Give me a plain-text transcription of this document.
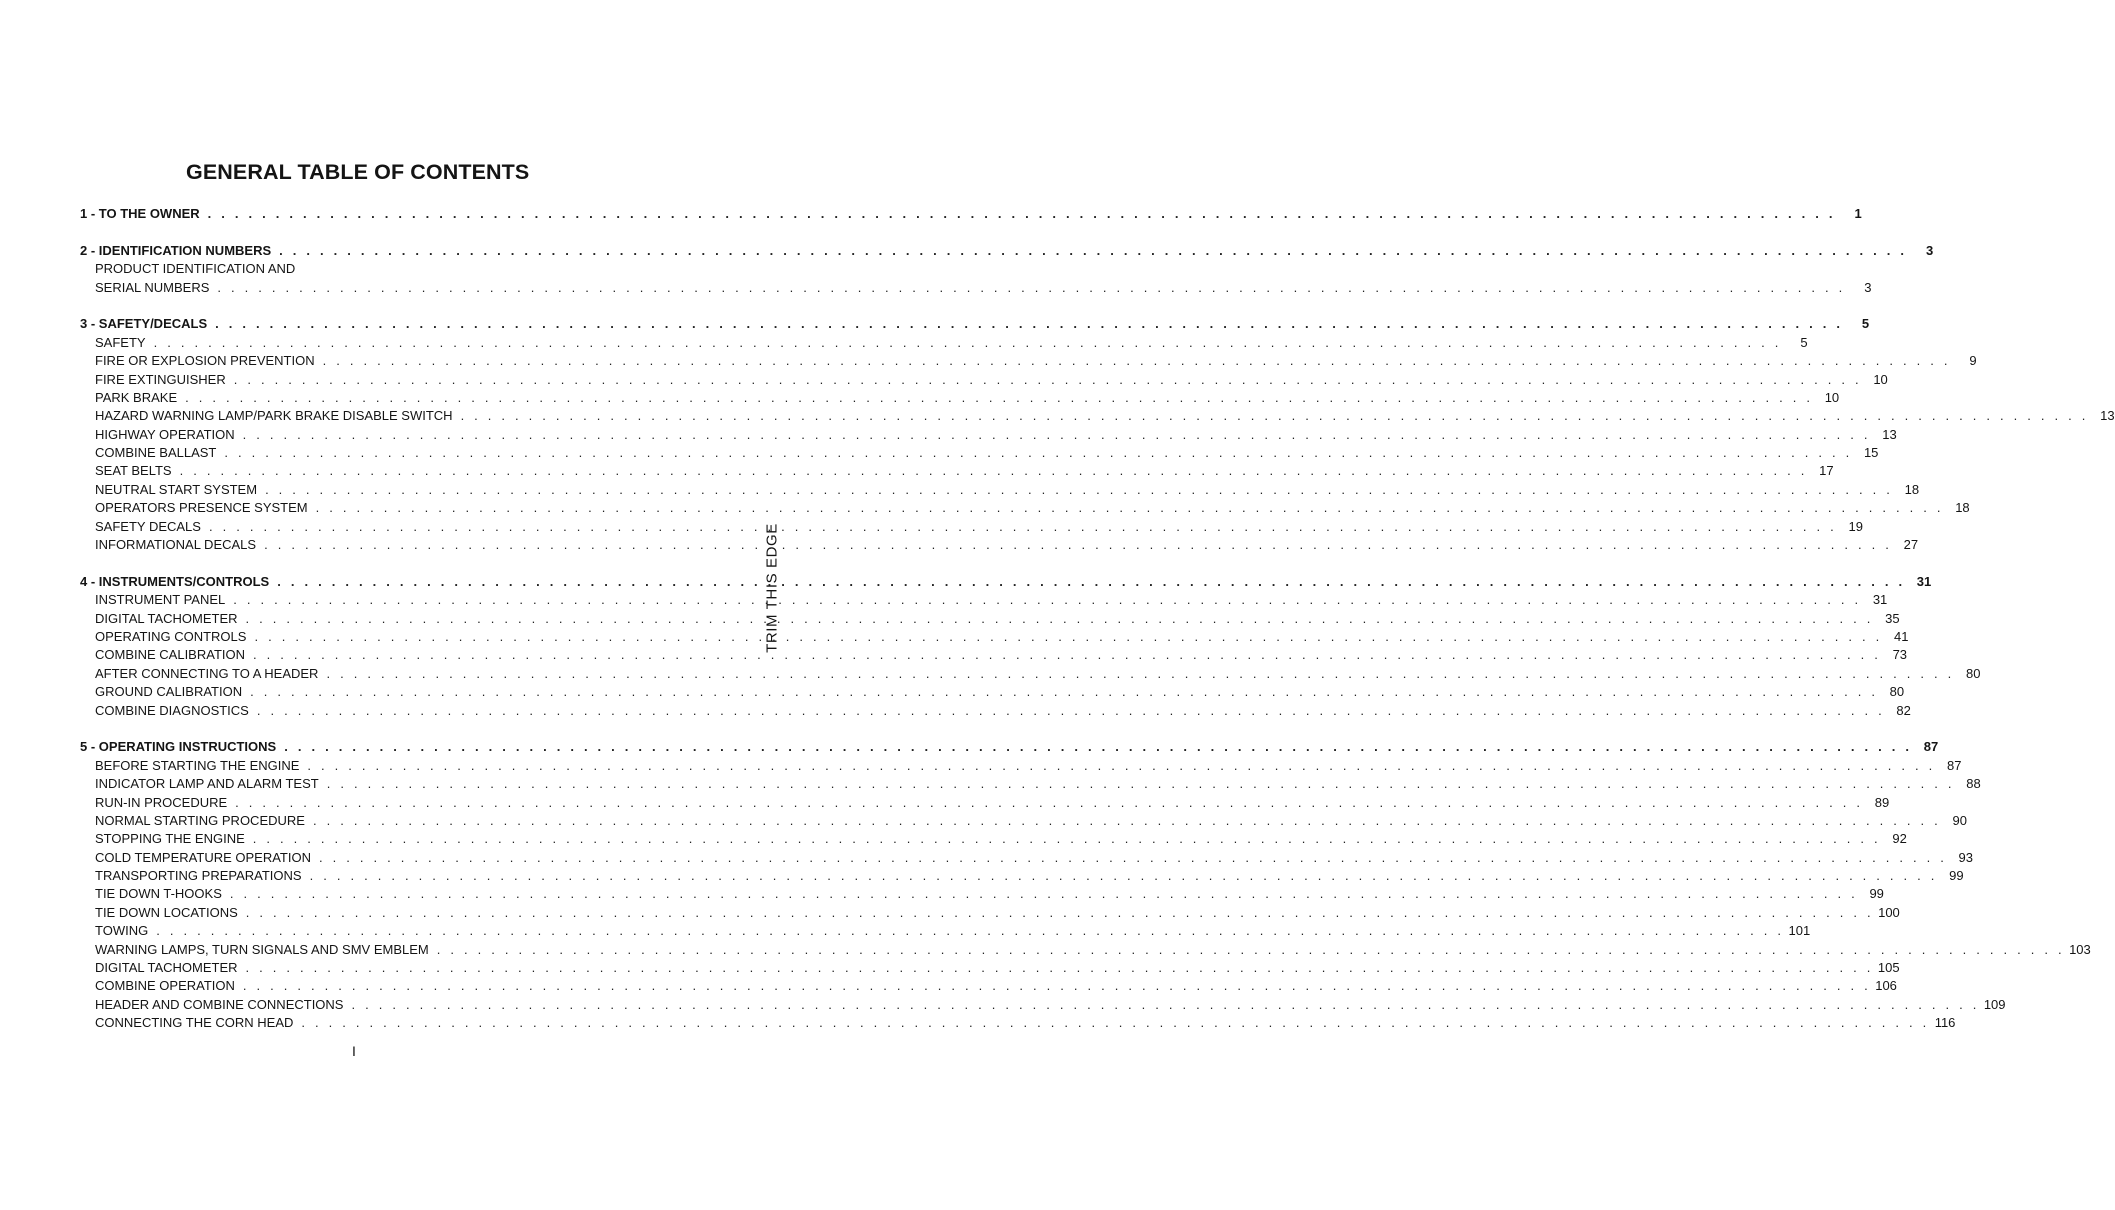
GENERAL TABLE OF CONTENTS
1 - TO THE OWNER . . . . . . . . . . . . . . . . . . . . . . . . . . . . . . . . . . . . . . . . . . . . . . . . . . . . . . . . . . . . . . . . . . . . . . . . . . . . . . . . . . . . . . . . . . . . . . . . . . . . . . . . . . . . . . . . . . . . . . . .	1
2 - IDENTIFICATION NUMBERS . . . . . . . . . . . . . . . . . . . . . . . . . . . . . . . . . . . . . . . . . . . . . . . . . . . . . . . . . . . . . . . . . . . . . . . . . . . . . . . . . . . . . . . . . . . . . . . . . . . . . . . . . . . . . . . . . . . . . . . .	3
PRODUCT IDENTIFICATION AND
SERIAL NUMBERS . . . . . . . . . . . . . . . . . . . . . . . . . . . . . . . . . . . . . . . . . . . . . . . . . . . . . . . . . . . . . . . . . . . . . . . . . . . . . . . . . . . . . . . . . . . . . . . . . . . . . . . . . . . . . . . . . . . . . . . .	3
3 - SAFETY/DECALS . . . . . . . . . . . . . . . . . . . . . . . . . . . . . . . . . . . . . . . . . . . . . . . . . . . . . . . . . . . . . . . . . . . . . . . . . . . . . . . . . . . . . . . . . . . . . . . . . . . . . . . . . . . . . . . . . . . . . . . .	5
SAFETY . . . . . . . . . . . . . . . . . . . . . . . . . . . . . . . . . . . . . . . . . . . . . . . . . . . . . . . . . . . . . . . . . . . . . . . . . . . . . . . . . . . . . . . . . . . . . . . . . . . . . . . . . . . . . . . . . . . . . . . .	5
FIRE OR EXPLOSION PREVENTION . . . . . . . . . . . . . . . . . . . . . . . . . . . . . . . . . . . . . . . . . . . . . . . . . . . . . . . . . . . . . . . . . . . . . . . . . . . . . . . . . . . . . . . . . . . . . . . . . . . . . . . . . . . . . . . . . . . . . . . .	9
FIRE EXTINGUISHER . . . . . . . . . . . . . . . . . . . . . . . . . . . . . . . . . . . . . . . . . . . . . . . . . . . . . . . . . . . . . . . . . . . . . . . . . . . . . . . . . . . . . . . . . . . . . . . . . . . . . . . . . . . . . . . . . . . . . . . . 10
PARK BRAKE . . . . . . . . . . . . . . . . . . . . . . . . . . . . . . . . . . . . . . . . . . . . . . . . . . . . . . . . . . . . . . . . . . . . . . . . . . . . . . . . . . . . . . . . . . . . . . . . . . . . . . . . . . . . . . . . . . . . . . . . 10
HAZARD WARNING LAMP/PARK BRAKE DISABLE SWITCH . . . . . . . . . . . . . . . . . . . . . . . . . . . . . . . . . . . . . . . . . . . . . . . . . . . . . . . . . . . . . . . . . . . . . . . . . . . . . . . . . . . . . . . . . . . . . . . . . . . . . . . . . . . . . . . . . . . . . . . . 13
HIGHWAY OPERATION . . . . . . . . . . . . . . . . . . . . . . . . . . . . . . . . . . . . . . . . . . . . . . . . . . . . . . . . . . . . . . . . . . . . . . . . . . . . . . . . . . . . . . . . . . . . . . . . . . . . . . . . . . . . . . . . . . . . . . . . 13
COMBINE BALLAST . . . . . . . . . . . . . . . . . . . . . . . . . . . . . . . . . . . . . . . . . . . . . . . . . . . . . . . . . . . . . . . . . . . . . . . . . . . . . . . . . . . . . . . . . . . . . . . . . . . . . . . . . . . . . . . . . . . . . . . . 15
SEAT BELTS . . . . . . . . . . . . . . . . . . . . . . . . . . . . . . . . . . . . . . . . . . . . . . . . . . . . . . . . . . . . . . . . . . . . . . . . . . . . . . . . . . . . . . . . . . . . . . . . . . . . . . . . . . . . . . . . . . . . . . . . 17
NEUTRAL START SYSTEM . . . . . . . . . . . . . . . . . . . . . . . . . . . . . . . . . . . . . . . . . . . . . . . . . . . . . . . . . . . . . . . . . . . . . . . . . . . . . . . . . . . . . . . . . . . . . . . . . . . . . . . . . . . . . . . . . . . . . . . . 18
OPERATORS PRESENCE SYSTEM . . . . . . . . . . . . . . . . . . . . . . . . . . . . . . . . . . . . . . . . . . . . . . . . . . . . . . . . . . . . . . . . . . . . . . . . . . . . . . . . . . . . . . . . . . . . . . . . . . . . . . . . . . . . . . . . . . . . . . . . 18
SAFETY DECALS . . . . . . . . . . . . . . . . . . . . . . . . . . . . . . . . . . . . . . . . . . . . . . . . . . . . . . . . . . . . . . . . . . . . . . . . . . . . . . . . . . . . . . . . . . . . . . . . . . . . . . . . . . . . . . . . . . . . . . . . 19
INFORMATIONAL DECALS . . . . . . . . . . . . . . . . . . . . . . . . . . . . . . . . . . . . . . . . . . . . . . . . . . . . . . . . . . . . . . . . . . . . . . . . . . . . . . . . . . . . . . . . . . . . . . . . . . . . . . . . . . . . . . . . . . . . . . . . 27
4 - INSTRUMENTS/CONTROLS . . . . . . . . . . . . . . . . . . . . . . . . . . . . . . . . . . . . . . . . . . . . . . . . . . . . . . . . . . . . . . . . . . . . . . . . . . . . . . . . . . . . . . . . . . . . . . . . . . . . . . . . . . . . . . . . . . . . . . . . 31
INSTRUMENT PANEL . . . . . . . . . . . . . . . . . . . . . . . . . . . . . . . . . . . . . . . . . . . . . . . . . . . . . . . . . . . . . . . . . . . . . . . . . . . . . . . . . . . . . . . . . . . . . . . . . . . . . . . . . . . . . . . . . . . . . . . . 31
DIGITAL TACHOMETER . . . . . . . . . . . . . . . . . . . . . . . . . . . . . . . . . . . . . . . . . . . . . . . . . . . . . . . . . . . . . . . . . . . . . . . . . . . . . . . . . . . . . . . . . . . . . . . . . . . . . . . . . . . . . . . . . . . . . . . . 35
OPERATING CONTROLS . . . . . . . . . . . . . . . . . . . . . . . . . . . . . . . . . . . . . . . . . . . . . . . . . . . . . . . . . . . . . . . . . . . . . . . . . . . . . . . . . . . . . . . . . . . . . . . . . . . . . . . . . . . . . . . . . . . . . . . . 41
COMBINE CALIBRATION . . . . . . . . . . . . . . . . . . . . . . . . . . . . . . . . . . . . . . . . . . . . . . . . . . . . . . . . . . . . . . . . . . . . . . . . . . . . . . . . . . . . . . . . . . . . . . . . . . . . . . . . . . . . . . . . . . . . . . . . 73
AFTER CONNECTING TO A HEADER . . . . . . . . . . . . . . . . . . . . . . . . . . . . . . . . . . . . . . . . . . . . . . . . . . . . . . . . . . . . . . . . . . . . . . . . . . . . . . . . . . . . . . . . . . . . . . . . . . . . . . . . . . . . . . . . . . . . . . . . 80
GROUND CALIBRATION . . . . . . . . . . . . . . . . . . . . . . . . . . . . . . . . . . . . . . . . . . . . . . . . . . . . . . . . . . . . . . . . . . . . . . . . . . . . . . . . . . . . . . . . . . . . . . . . . . . . . . . . . . . . . . . . . . . . . . . . 80
COMBINE DIAGNOSTICS . . . . . . . . . . . . . . . . . . . . . . . . . . . . . . . . . . . . . . . . . . . . . . . . . . . . . . . . . . . . . . . . . . . . . . . . . . . . . . . . . . . . . . . . . . . . . . . . . . . . . . . . . . . . . . . . . . . . . . . . 82
5 - OPERATING INSTRUCTIONS . . . . . . . . . . . . . . . . . . . . . . . . . . . . . . . . . . . . . . . . . . . . . . . . . . . . . . . . . . . . . . . . . . . . . . . . . . . . . . . . . . . . . . . . . . . . . . . . . . . . . . . . . . . . . . . . . . . . . . . . 87
BEFORE STARTING THE ENGINE . . . . . . . . . . . . . . . . . . . . . . . . . . . . . . . . . . . . . . . . . . . . . . . . . . . . . . . . . . . . . . . . . . . . . . . . . . . . . . . . . . . . . . . . . . . . . . . . . . . . . . . . . . . . . . . . . . . . . . . . 87
INDICATOR LAMP AND ALARM TEST . . . . . . . . . . . . . . . . . . . . . . . . . . . . . . . . . . . . . . . . . . . . . . . . . . . . . . . . . . . . . . . . . . . . . . . . . . . . . . . . . . . . . . . . . . . . . . . . . . . . . . . . . . . . . . . . . . . . . . . . 88
RUN-IN PROCEDURE . . . . . . . . . . . . . . . . . . . . . . . . . . . . . . . . . . . . . . . . . . . . . . . . . . . . . . . . . . . . . . . . . . . . . . . . . . . . . . . . . . . . . . . . . . . . . . . . . . . . . . . . . . . . . . . . . . . . . . . . 89
NORMAL STARTING PROCEDURE . . . . . . . . . . . . . . . . . . . . . . . . . . . . . . . . . . . . . . . . . . . . . . . . . . . . . . . . . . . . . . . . . . . . . . . . . . . . . . . . . . . . . . . . . . . . . . . . . . . . . . . . . . . . . . . . . . . . . . . . 90
STOPPING THE ENGINE . . . . . . . . . . . . . . . . . . . . . . . . . . . . . . . . . . . . . . . . . . . . . . . . . . . . . . . . . . . . . . . . . . . . . . . . . . . . . . . . . . . . . . . . . . . . . . . . . . . . . . . . . . . . . . . . . . . . . . . . 92
COLD TEMPERATURE OPERATION . . . . . . . . . . . . . . . . . . . . . . . . . . . . . . . . . . . . . . . . . . . . . . . . . . . . . . . . . . . . . . . . . . . . . . . . . . . . . . . . . . . . . . . . . . . . . . . . . . . . . . . . . . . . . . . . . . . . . . . . 93
TRANSPORTING PREPARATIONS . . . . . . . . . . . . . . . . . . . . . . . . . . . . . . . . . . . . . . . . . . . . . . . . . . . . . . . . . . . . . . . . . . . . . . . . . . . . . . . . . . . . . . . . . . . . . . . . . . . . . . . . . . . . . . . . . . . . . . . . 99
TIE DOWN T-HOOKS . . . . . . . . . . . . . . . . . . . . . . . . . . . . . . . . . . . . . . . . . . . . . . . . . . . . . . . . . . . . . . . . . . . . . . . . . . . . . . . . . . . . . . . . . . . . . . . . . . . . . . . . . . . . . . . . . . . . . . . . 99
TIE DOWN LOCATIONS . . . . . . . . . . . . . . . . . . . . . . . . . . . . . . . . . . . . . . . . . . . . . . . . . . . . . . . . . . . . . . . . . . . . . . . . . . . . . . . . . . . . . . . . . . . . . . . . . . . . . . . . . . . . . . . . . . . . . . . . 100
TOWING . . . . . . . . . . . . . . . . . . . . . . . . . . . . . . . . . . . . . . . . . . . . . . . . . . . . . . . . . . . . . . . . . . . . . . . . . . . . . . . . . . . . . . . . . . . . . . . . . . . . . . . . . . . . . . . . . . . . . . . . 101
WARNING LAMPS, TURN SIGNALS AND SMV EMBLEM . . . . . . . . . . . . . . . . . . . . . . . . . . . . . . . . . . . . . . . . . . . . . . . . . . . . . . . . . . . . . . . . . . . . . . . . . . . . . . . . . . . . . . . . . . . . . . . . . . . . . . . . . . . . . . . . . . . . . . . . 103
DIGITAL TACHOMETER . . . . . . . . . . . . . . . . . . . . . . . . . . . . . . . . . . . . . . . . . . . . . . . . . . . . . . . . . . . . . . . . . . . . . . . . . . . . . . . . . . . . . . . . . . . . . . . . . . . . . . . . . . . . . . . . . . . . . . . . 105
COMBINE OPERATION . . . . . . . . . . . . . . . . . . . . . . . . . . . . . . . . . . . . . . . . . . . . . . . . . . . . . . . . . . . . . . . . . . . . . . . . . . . . . . . . . . . . . . . . . . . . . . . . . . . . . . . . . . . . . . . . . . . . . . . . 106
HEADER AND COMBINE CONNECTIONS . . . . . . . . . . . . . . . . . . . . . . . . . . . . . . . . . . . . . . . . . . . . . . . . . . . . . . . . . . . . . . . . . . . . . . . . . . . . . . . . . . . . . . . . . . . . . . . . . . . . . . . . . . . . . . . . . . . . . . . . 109
CONNECTING THE CORN HEAD . . . . . . . . . . . . . . . . . . . . . . . . . . . . . . . . . . . . . . . . . . . . . . . . . . . . . . . . . . . . . . . . . . . . . . . . . . . . . . . . . . . . . . . . . . . . . . . . . . . . . . . . . . . . . . . . . . . . . . . . 116
I
TRIM THIS EDGE
